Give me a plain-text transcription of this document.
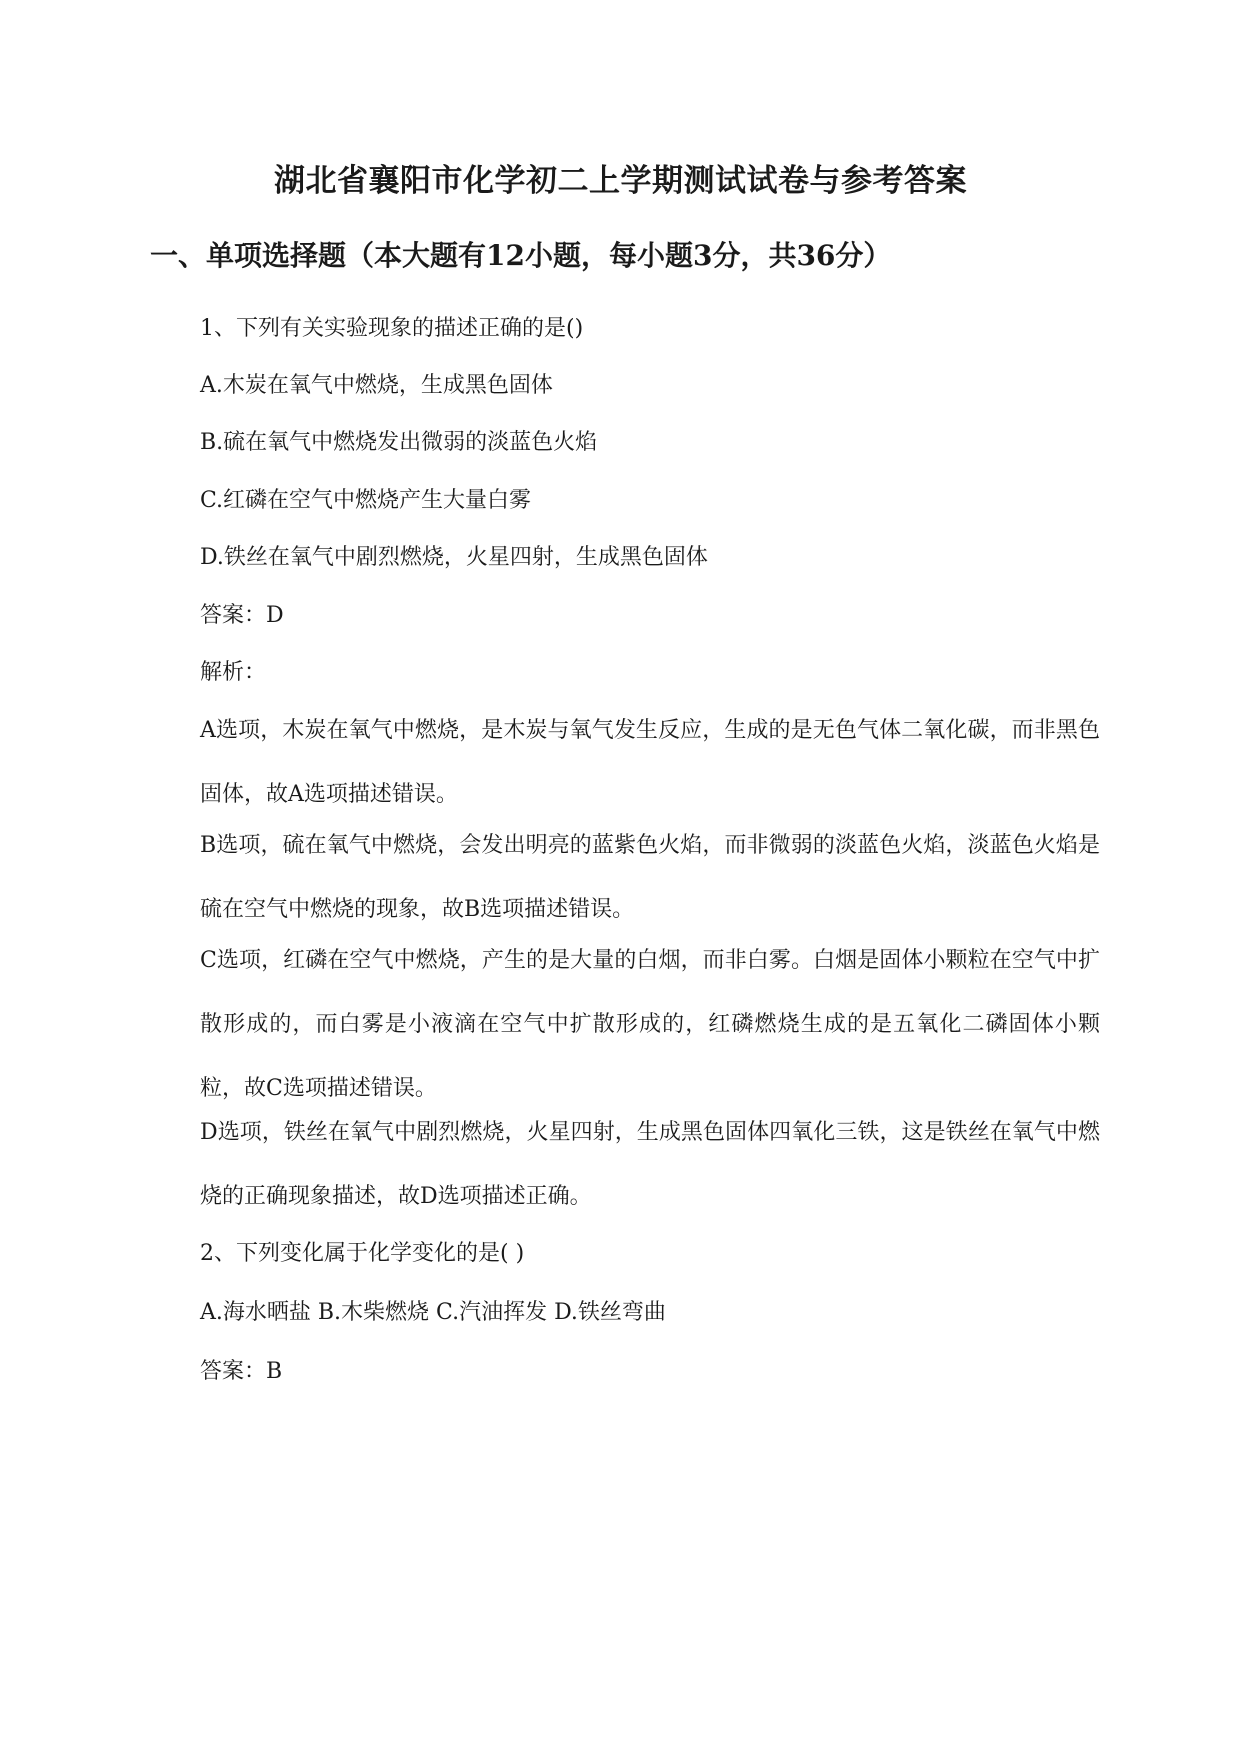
湖北省襄阳市化学初二上学期测试试卷与参考答案
一、单项选择题（本大题有12小题，每小题3分，共36分）

1、下列有关实验现象的描述正确的是()

A.木炭在氧气中燃烧，生成黑色固体

B.硫在氧气中燃烧发出微弱的淡蓝色火焰

C.红磷在空气中燃烧产生大量白雾

D.铁丝在氧气中剧烈燃烧，火星四射，生成黑色固体

答案：D

解析：

A选项，木炭在氧气中燃烧，是木炭与氧气发生反应，生成的是无色气体二氧化碳，而非黑色固体，故A选项描述错误。

B选项，硫在氧气中燃烧，会发出明亮的蓝紫色火焰，而非微弱的淡蓝色火焰，淡蓝色火焰是硫在空气中燃烧的现象，故B选项描述错误。

C选项，红磷在空气中燃烧，产生的是大量的白烟，而非白雾。白烟是固体小颗粒在空气中扩散形成的，而白雾是小液滴在空气中扩散形成的，红磷燃烧生成的是五氧化二磷固体小颗粒，故C选项描述错误。

D选项，铁丝在氧气中剧烈燃烧，火星四射，生成黑色固体四氧化三铁，这是铁丝在氧气中燃烧的正确现象描述，故D选项描述正确。

2、下列变化属于化学变化的是( )

A.海水晒盐 B.木柴燃烧 C.汽油挥发 D.铁丝弯曲

答案：B
